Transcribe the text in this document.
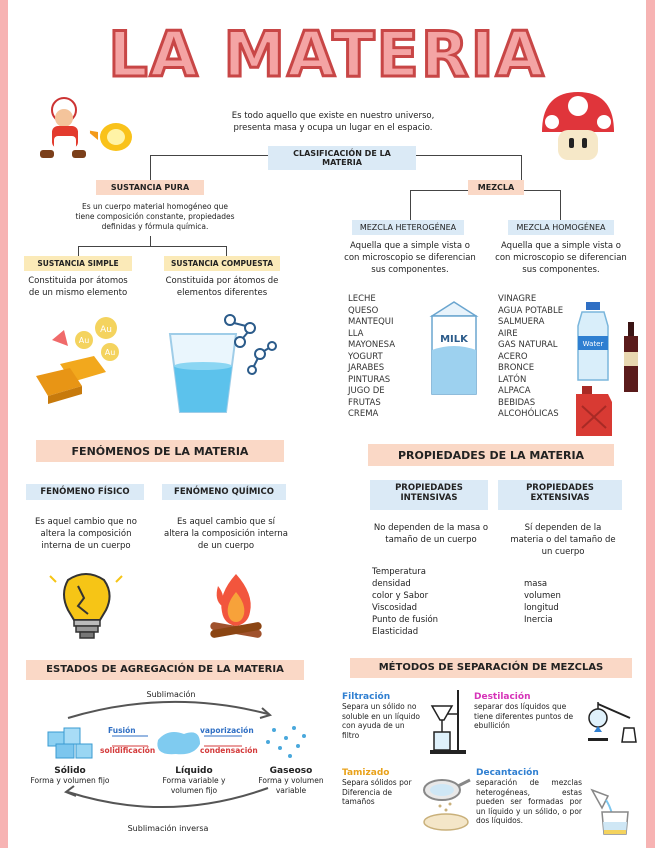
LA MATERIA
Es todo aquello que existe en nuestro universo, presenta masa y ocupa un lugar en el espacio.
CLASIFICACIÓN DE LA MATERIA
SUSTANCIA PURA
Es un cuerpo material homogéneo que tiene composición constante, propiedades definidas y fórmula química.
SUSTANCIA SIMPLE
Constituida por átomos de un mismo elemento
SUSTANCIA COMPUESTA
Constituida por átomos de elementos diferentes
Au
Au
Au
MEZCLA
MEZCLA HETEROGÉNEA
Aquella que a simple vista o con microscopio se diferencian sus componentes.
MEZCLA HOMOGÉNEA
Aquella que a simple vista o con microscopio se diferencian sus componentes.
LECHE
QUESO
MANTEQUI
LLA
MAYONESA
YOGURT
JARABES
PINTURAS
JUGO DE
FRUTAS
CREMA
MILK
VINAGRE
AGUA POTABLE
SALMUERA
AIRE
GAS NATURAL
ACERO
BRONCE
LATÓN
ALPACA
BEBIDAS
ALCOHÓLICAS
Water
FENÓMENOS DE LA MATERIA
FENÓMENO FÍSICO
Es aquel cambio que no altera la composición interna de un cuerpo
FENÓMENO QUÍMICO
Es aquel cambio que sí altera la composición interna de un cuerpo
PROPIEDADES DE LA MATERIA
PROPIEDADES INTENSIVAS
PROPIEDADES EXTENSIVAS
No dependen de la masa o tamaño de un cuerpo
Sí dependen de la materia o del tamaño de un cuerpo
Temperatura
densidad
color y Sabor
Viscosidad
Punto de fusión
Elasticidad
masa
volumen
longitud
Inercia
ESTADOS DE AGREGACIÓN DE LA MATERIA
Sublimación
Sublimación inversa
Fusión
solidificación
vaporización
condensación
Sólido
Forma y volumen fijo
Líquido
Forma variable y volumen fijo
Gaseoso
Forma y volumen variable
MÉTODOS DE SEPARACIÓN DE MEZCLAS
Filtración
Separa un sólido no soluble en un líquido con ayuda de un filtro
Destilación
separar dos líquidos que tiene diferentes puntos de ebullición
Tamizado
Separa sólidos por Diferencia de tamaños
Decantación
separación de mezclas heterogéneas, estas pueden ser formadas por un líquido y un sólido, o por dos líquidos.
